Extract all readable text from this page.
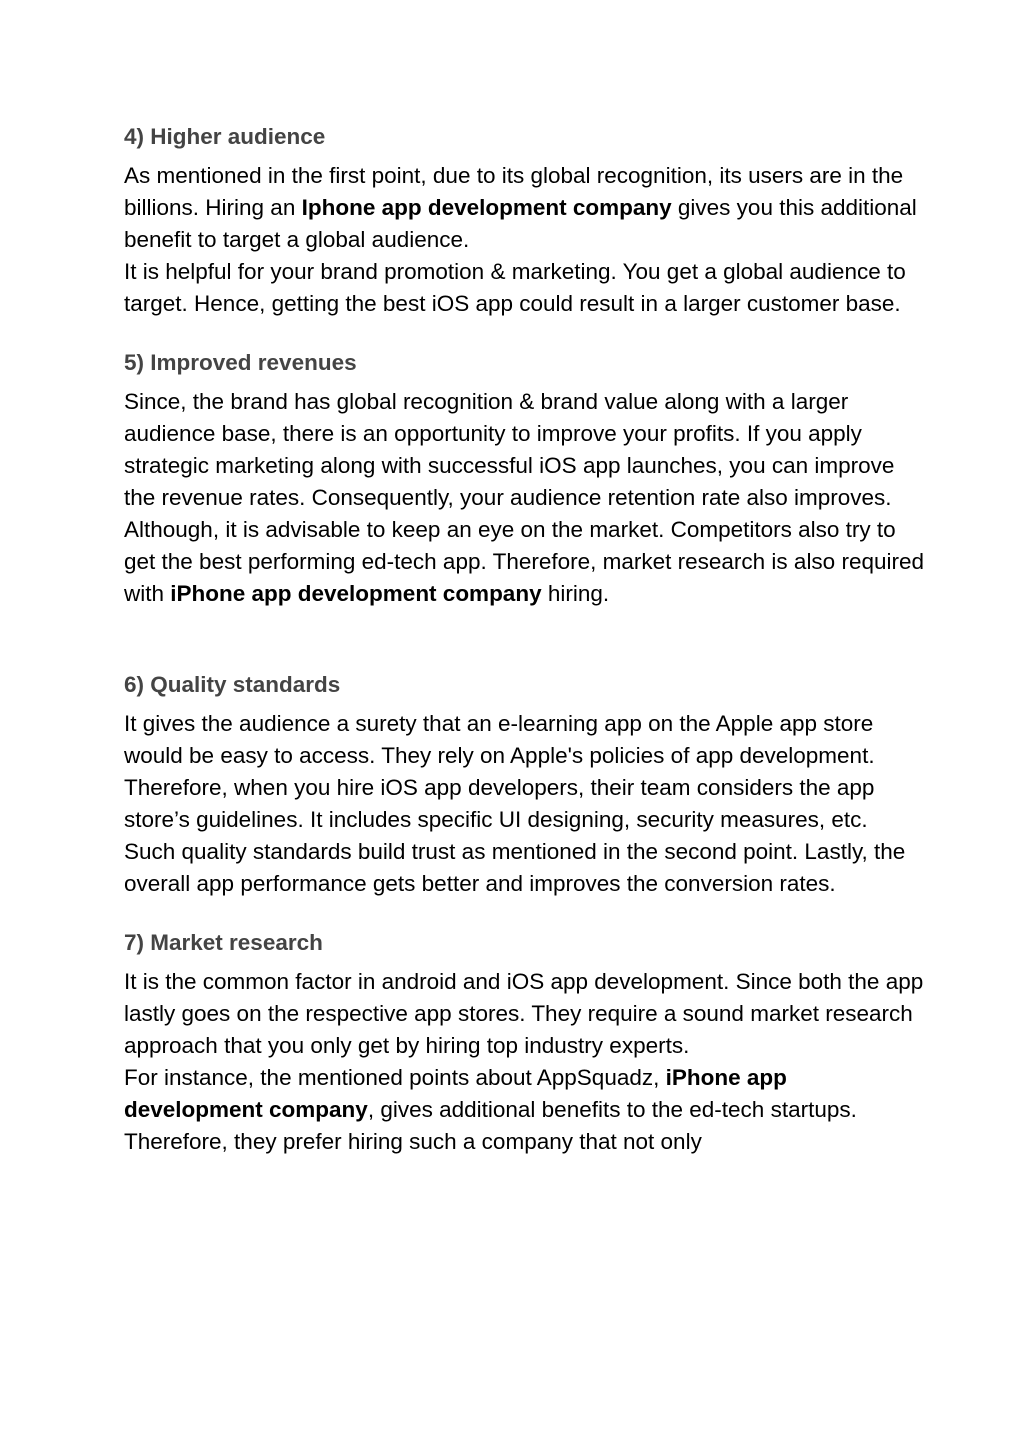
4) Higher audience

As mentioned in the first point, due to its global recognition, its users are in the billions. Hiring an Iphone app development company gives you this additional benefit to target a global audience.

It is helpful for your brand promotion & marketing. You get a global audience to target. Hence, getting the best iOS app could result in a larger customer base.

5) Improved revenues

Since, the brand has global recognition & brand value along with a larger audience base, there is an opportunity to improve your profits. If you apply strategic marketing along with successful iOS app launches, you can improve the revenue rates. Consequently, your audience retention rate also improves.

Although, it is advisable to keep an eye on the market. Competitors also try to get the best performing ed-tech app. Therefore, market research is also required with iPhone app development company hiring.

6) Quality standards

It gives the audience a surety that an e-learning app on the Apple app store would be easy to access. They rely on Apple's policies of app development.

Therefore, when you hire iOS app developers, their team considers the app store’s guidelines. It includes specific UI designing, security measures, etc. Such quality standards build trust as mentioned in the second point. Lastly, the overall app performance gets better and improves the conversion rates.

7) Market research

It is the common factor in android and iOS app development. Since both the app lastly goes on the respective app stores. They require a sound market research approach that you only get by hiring top industry experts.

For instance, the mentioned points about AppSquadz, iPhone app development company, gives additional benefits to the ed-tech startups. Therefore, they prefer hiring such a company that not only
